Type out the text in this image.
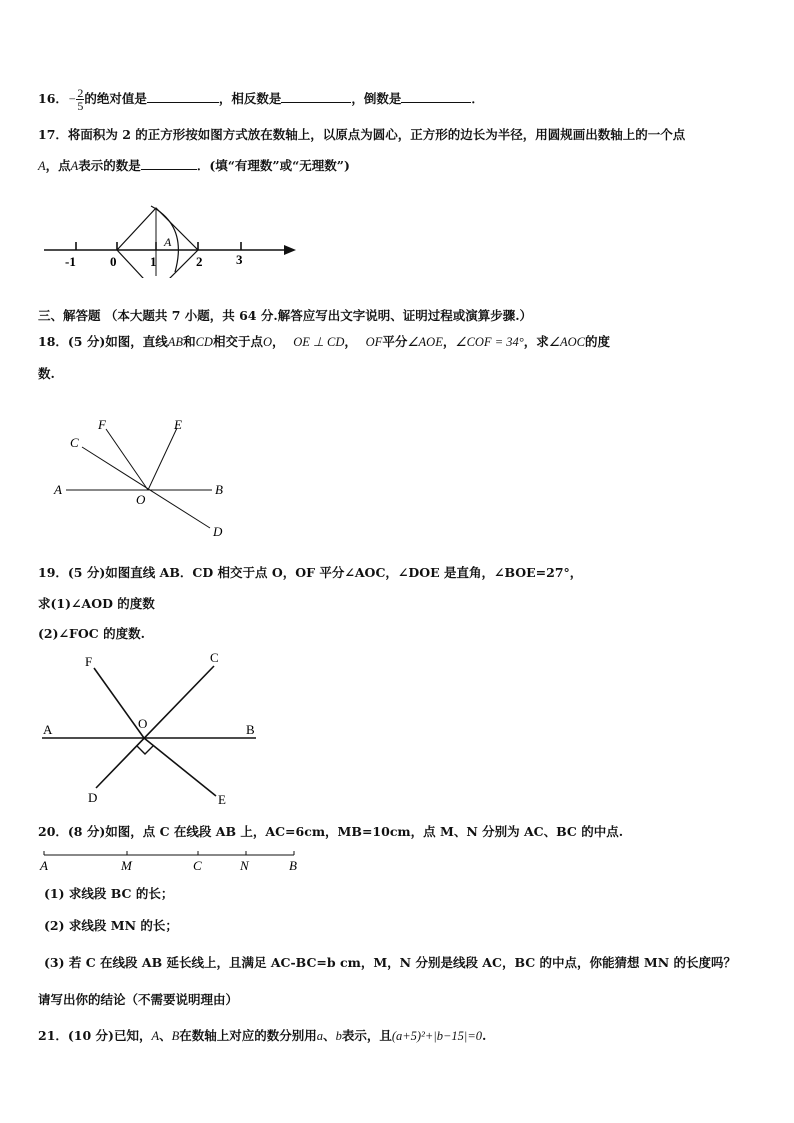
16．− $\frac{2}{5}$ 的绝对值是	，相反数是	，倒数是	．
17．将面积为 2 的正方形按如图方式放在数轴上，以原点为圆心，正方形的边长为半径，用圆规画出数轴上的一个点
A，点A表示的数是	．(填“有理数”或“无理数”)
-1	0	1	2	3
A
三、解答题 （本大题共 7 小题，共 64 分.解答应写出文字说明、证明过程或演算步骤.）
18．(5 分)如图，直线AB和CD相交于点O， OE ⊥ CD， OF平分∠AOE，∠COF = 34°，求∠AOC的度
数.
C
F	E
A
O
B
D
19．(5 分)如图直线 AB．CD 相交于点 O，OF 平分∠AOC，∠DOE 是直角，∠BOE=27°，
求(1)∠AOD 的度数
(2)∠FOC 的度数.
F	C
O
A	B
D	E
20．(8 分)如图，点 C 在线段 AB 上，AC=6cm，MB=10cm，点 M、N 分别为 AC、BC 的中点.
A	M	C	N	B
(1) 求线段 BC 的长；
(2) 求线段 MN 的长；
(3) 若 C 在线段 AB 延长线上，且满足 AC-BC=b cm，M，N 分别是线段 AC，BC 的中点，你能猜想 MN 的长度吗？
请写出你的结论（不需要说明理由）
21．(10 分)已知，A、B在数轴上对应的数分别用a、b表示，且(a+5)²+|b−15|=0.
